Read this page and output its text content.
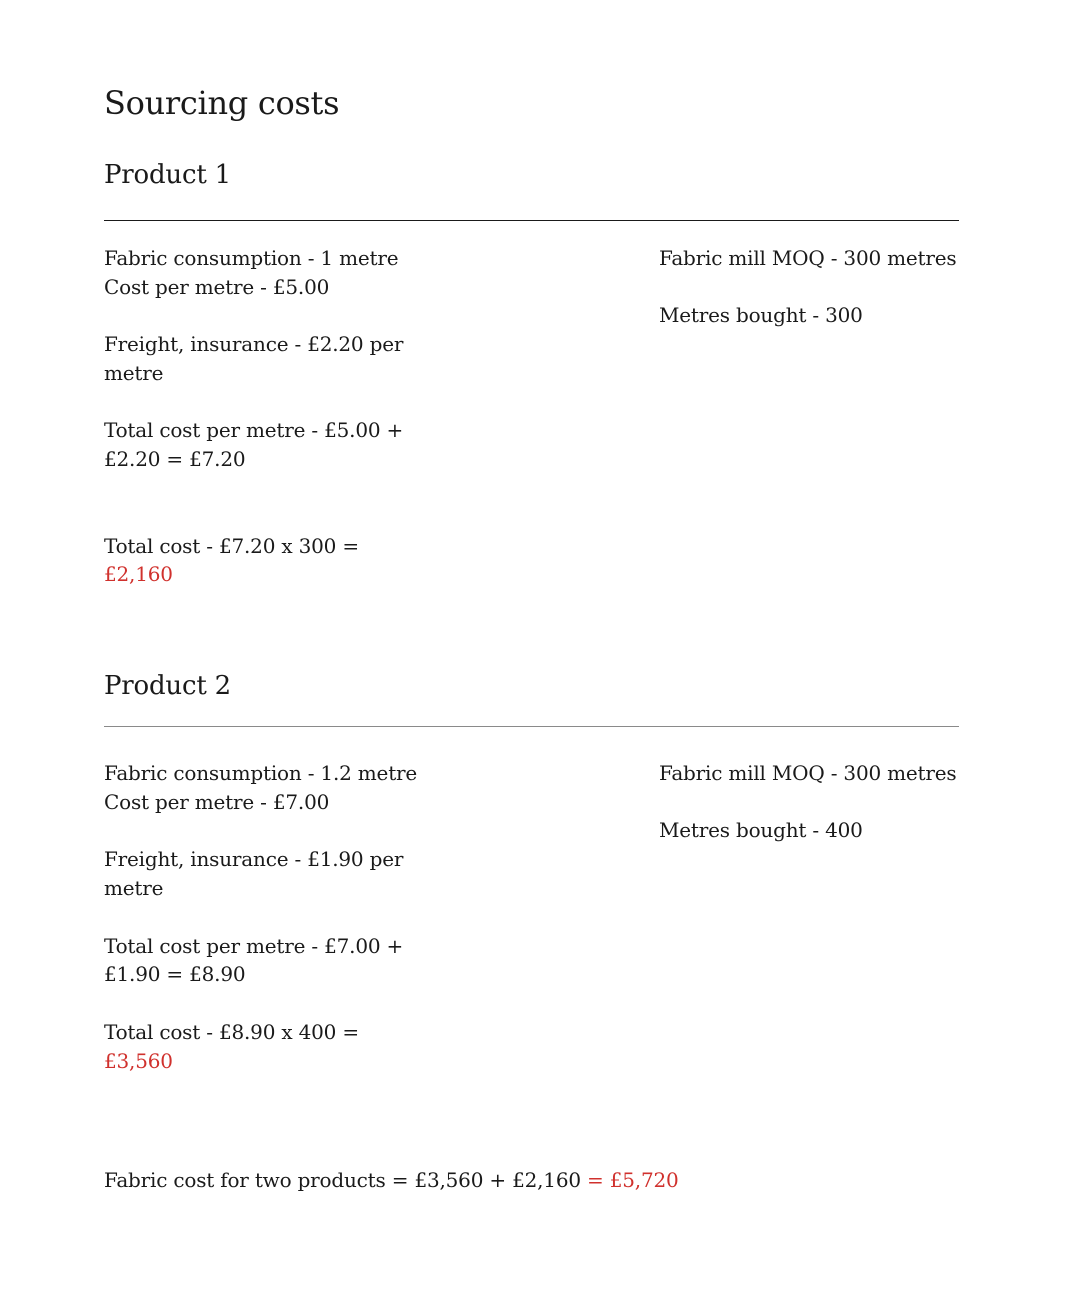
Sourcing costs
Product 1

Fabric consumption - 1 metre

Cost per metre - £5.00

Freight, insurance - £2.20 per

metre

Total cost per metre - £5.00 +

£2.20 = £7.20

Total cost - £7.20 x 300 =

£2,160

Fabric mill MOQ - 300 metres

Metres bought - 300

Product 2

Fabric consumption - 1.2 metre

Cost per metre - £7.00

Freight, insurance - £1.90 per

metre

Total cost per metre - £7.00 +

£1.90 = £8.90

Total cost - £8.90 x 400 =

£3,560

Fabric mill MOQ - 300 metres

Metres bought - 400

Fabric cost for two products = £3,560 + £2,160 = £5,720
